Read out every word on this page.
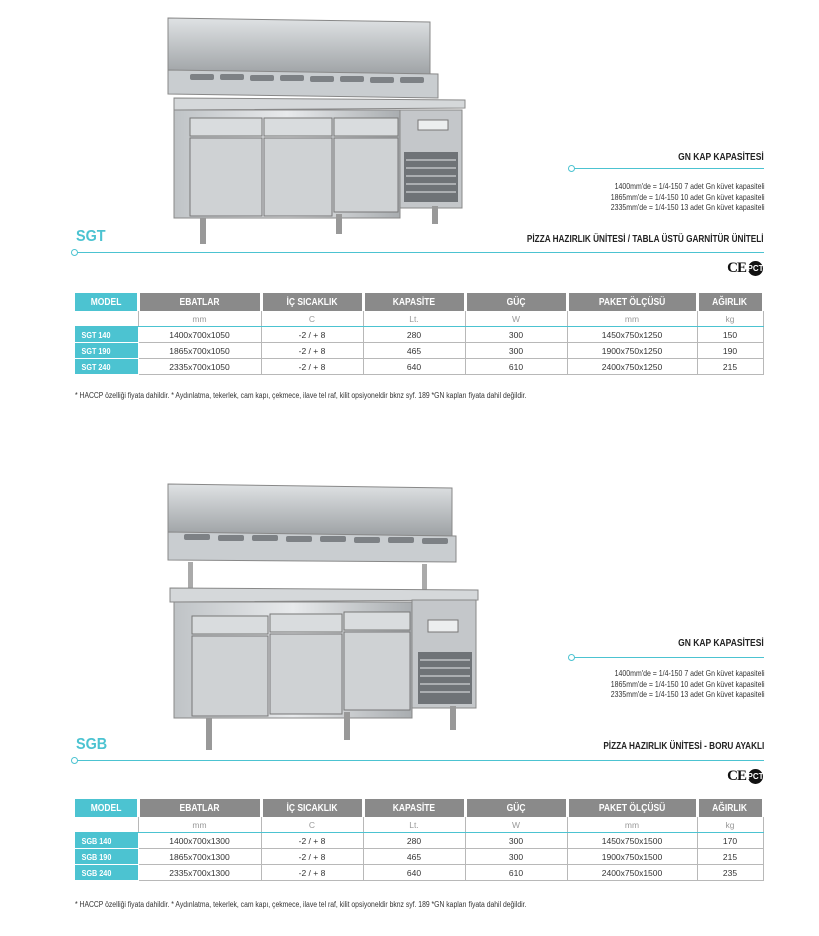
GN KAP KAPASİTESİ
1400mm'de = 1/4-150 7 adet Gn küvet kapasiteli
1865mm'de = 1/4-150 10 adet Gn küvet kapasiteli
2335mm'de = 1/4-150 13 adet Gn küvet kapasiteli
SGT	PİZZA HAZIRLIK ÜNİTESİ / TABLA ÜSTÜ GARNİTÜR ÜNİTELİ
CE PCT
MODEL	EBATLAR	İÇ SICAKLIK	KAPASİTE	GÜÇ	PAKET ÖLÇÜSÜ	AĞIRLIK
	mm	C	Lt.	W	mm	kg
SGT 140	1400x700x1050	-2 / + 8	280	300	1450x750x1250	150
SGT 190	1865x700x1050	-2 / + 8	465	300	1900x750x1250	190
SGT 240	2335x700x1050	-2 / + 8	640	610	2400x750x1250	215
* HACCP özelliği fiyata dahildir. * Aydınlatma, tekerlek, cam kapı, çekmece, ilave tel raf, kilit opsiyoneldir bknz syf. 189 *GN kapları fiyata dahil değildir.
GN KAP KAPASİTESİ
1400mm'de = 1/4-150 7 adet Gn küvet kapasiteli
1865mm'de = 1/4-150 10 adet Gn küvet kapasiteli
2335mm'de = 1/4-150 13 adet Gn küvet kapasiteli
SGB	PİZZA HAZIRLIK ÜNİTESİ - BORU AYAKLI
CE PCT
MODEL	EBATLAR	İÇ SICAKLIK	KAPASİTE	GÜÇ	PAKET ÖLÇÜSÜ	AĞIRLIK
	mm	C	Lt.	W	mm	kg
SGB 140	1400x700x1300	-2 / + 8	280	300	1450x750x1500	170
SGB 190	1865x700x1300	-2 / + 8	465	300	1900x750x1500	215
SGB 240	2335x700x1300	-2 / + 8	640	610	2400x750x1500	235
* HACCP özelliği fiyata dahildir. * Aydınlatma, tekerlek, cam kapı, çekmece, ilave tel raf, kilit opsiyoneldir bknz syf. 189 *GN kapları fiyata dahil değildir.
